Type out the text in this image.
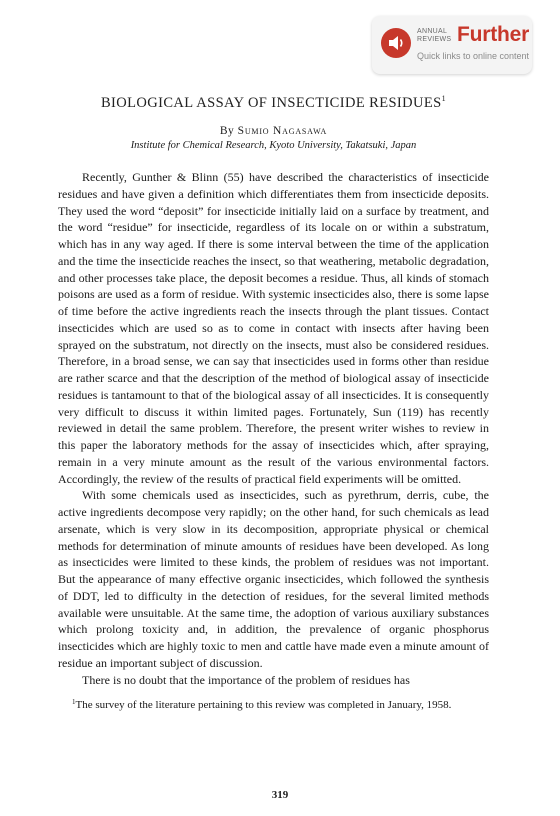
ANNUAL
REVIEWS Further
Quick links to online content
BIOLOGICAL ASSAY OF INSECTICIDE RESIDUES$^1$
By Sumio Nagasawa
Institute for Chemical Research, Kyoto University, Takatsuki, Japan

Recently, Gunther & Blinn (55) have described the characteristics of insecticide residues and have given a definition which differentiates them from insecticide deposits. They used the word “deposit” for insecticide initially laid on a surface by treatment, and the word “residue” for insecticide, regardless of its locale on or within a substratum, which has in any way aged. If there is some interval between the time of the application and the time the insecticide reaches the insect, so that weathering, metabolic degradation, and other processes take place, the deposit becomes a residue. Thus, all kinds of stomach poisons are used as a form of residue. With systemic insecticides also, there is some lapse of time before the active ingredients reach the insects through the plant tissues. Contact insecticides which are used so as to come in contact with insects after having been sprayed on the substratum, not directly on the insects, must also be considered residues. Therefore, in a broad sense, we can say that insecticides used in forms other than residue are rather scarce and that the description of the method of biological assay of insecticide residues is tantamount to that of the biological assay of all insecticides. It is consequently very difficult to discuss it within limited pages. Fortunately, Sun (119) has recently reviewed in detail the same problem. Therefore, the present writer wishes to review in this paper the laboratory methods for the assay of insecticides which, after spraying, remain in a very minute amount as the result of the various environmental factors. Accordingly, the review of the results of practical field experiments will be omitted.

With some chemicals used as insecticides, such as pyrethrum, derris, cube, the active ingredients decompose very rapidly; on the other hand, for such chemicals as lead arsenate, which is very slow in its decomposition, appropriate physical or chemical methods for determination of minute amounts of residues have been developed. As long as insecticides were limited to these kinds, the problem of residues was not important. But the appearance of many effective organic insecticides, which followed the synthesis of DDT, led to difficulty in the detection of residues, for the several limited methods available were unsuitable. At the same time, the adoption of various auxiliary substances which prolong toxicity and, in addition, the prevalence of organic phosphorus insecticides which are highly toxic to men and cattle have made even a minute amount of residue an important subject of discussion.

There is no doubt that the importance of the problem of residues has

$^1$The survey of the literature pertaining to this review was completed in January, 1958.
319
